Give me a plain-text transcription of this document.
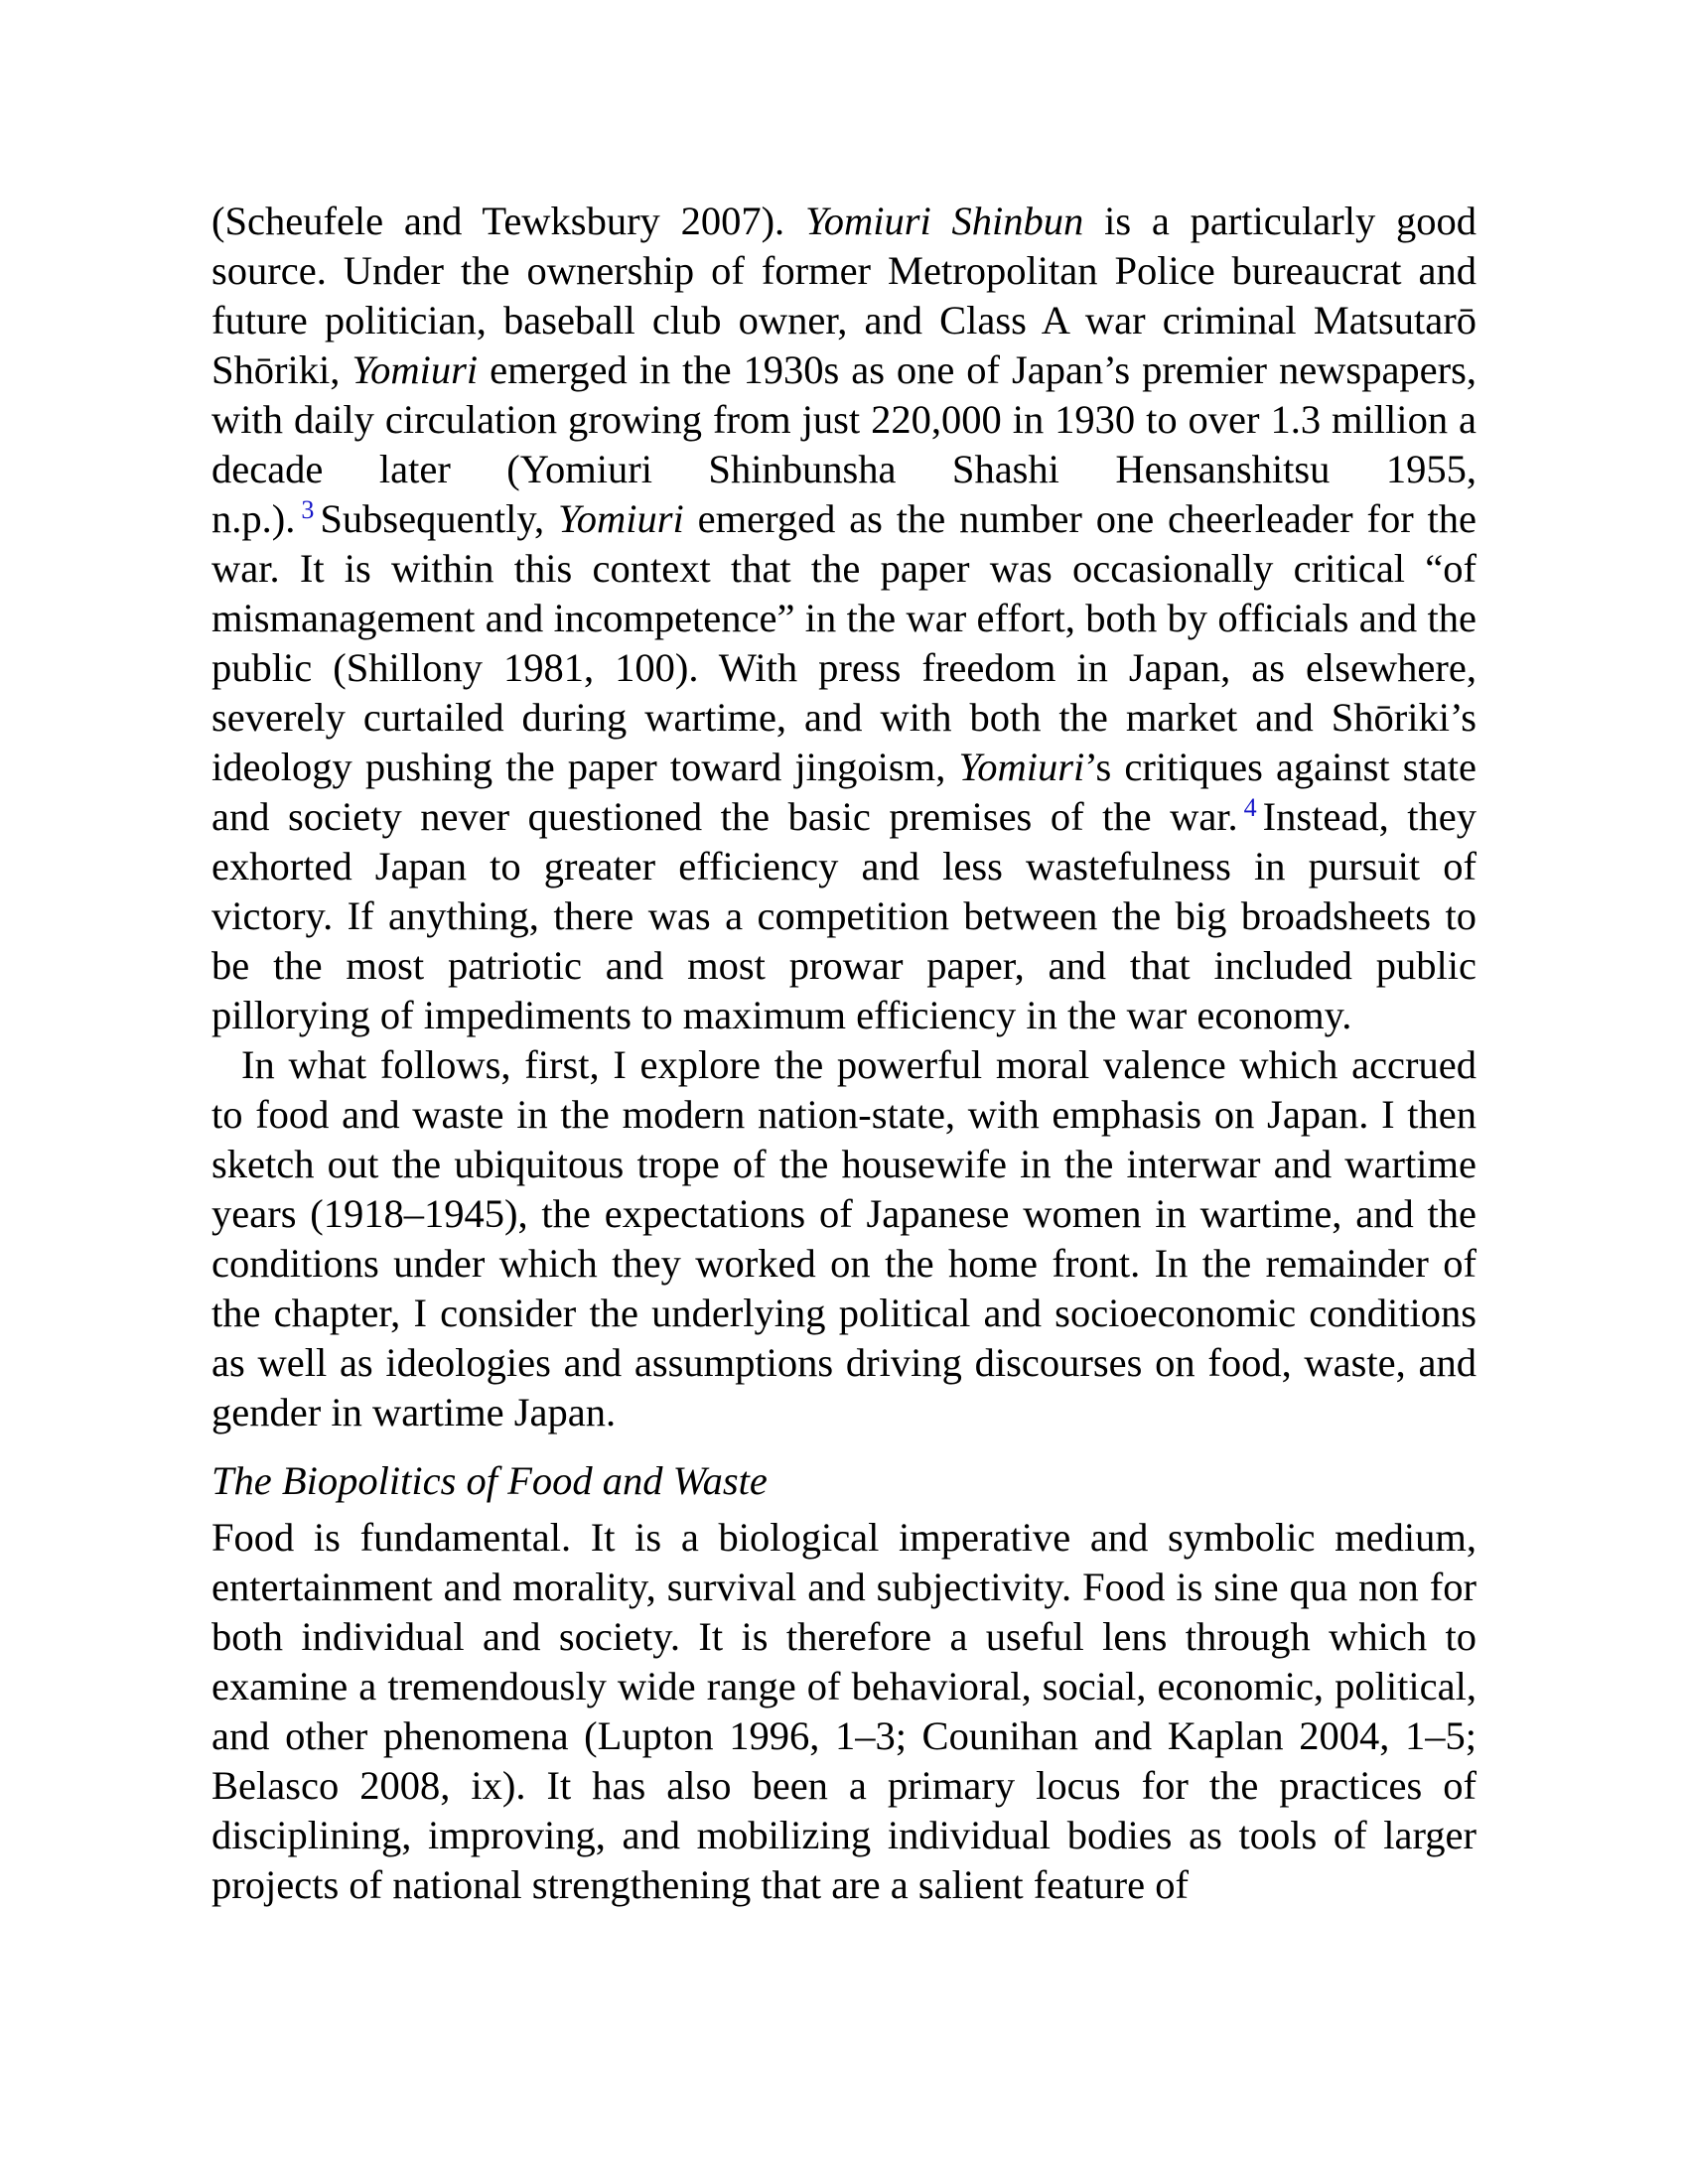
(Scheufele and Tewksbury 2007). Yomiuri Shinbun is a particularly good source. Under the ownership of former Metropolitan Police bureaucrat and future politician, baseball club owner, and Class A war criminal Matsutarō Shōriki, Yomiuri emerged in the 1930s as one of Japan’s premier newspapers, with daily circulation growing from just 220,000 in 1930 to over 1.3 million a decade later (Yomiuri Shinbunsha Shashi Hensanshitsu 1955, n.p.). $^3$ Subsequently, Yomiuri emerged as the number one cheerleader for the war. It is within this context that the paper was occasionally critical “of mismanagement and incompetence” in the war effort, both by officials and the public (Shillony 1981, 100). With press freedom in Japan, as elsewhere, severely curtailed during wartime, and with both the market and Shōriki’s ideology pushing the paper toward jingoism, Yomiuri’s critiques against state and society never questioned the basic premises of the war. $^4$ Instead, they exhorted Japan to greater efficiency and less wastefulness in pursuit of victory. If anything, there was a competition between the big broadsheets to be the most patriotic and most prowar paper, and that included public pillorying of impediments to maximum efficiency in the war economy.

In what follows, first, I explore the powerful moral valence which accrued to food and waste in the modern nation-state, with emphasis on Japan. I then sketch out the ubiquitous trope of the housewife in the interwar and wartime years (1918–1945), the expectations of Japanese women in wartime, and the conditions under which they worked on the home front. In the remainder of the chapter, I consider the underlying political and socioeconomic conditions as well as ideologies and assumptions driving discourses on food, waste, and gender in wartime Japan.

The Biopolitics of Food and Waste

Food is fundamental. It is a biological imperative and symbolic medium, entertainment and morality, survival and subjectivity. Food is sine qua non for both individual and society. It is therefore a useful lens through which to examine a tremendously wide range of behavioral, social, economic, political, and other phenomena (Lupton 1996, 1–3; Counihan and Kaplan 2004, 1–5; Belasco 2008, ix). It has also been a primary locus for the practices of disciplining, improving, and mobilizing individual bodies as tools of larger projects of national strengthening that are a salient feature of
